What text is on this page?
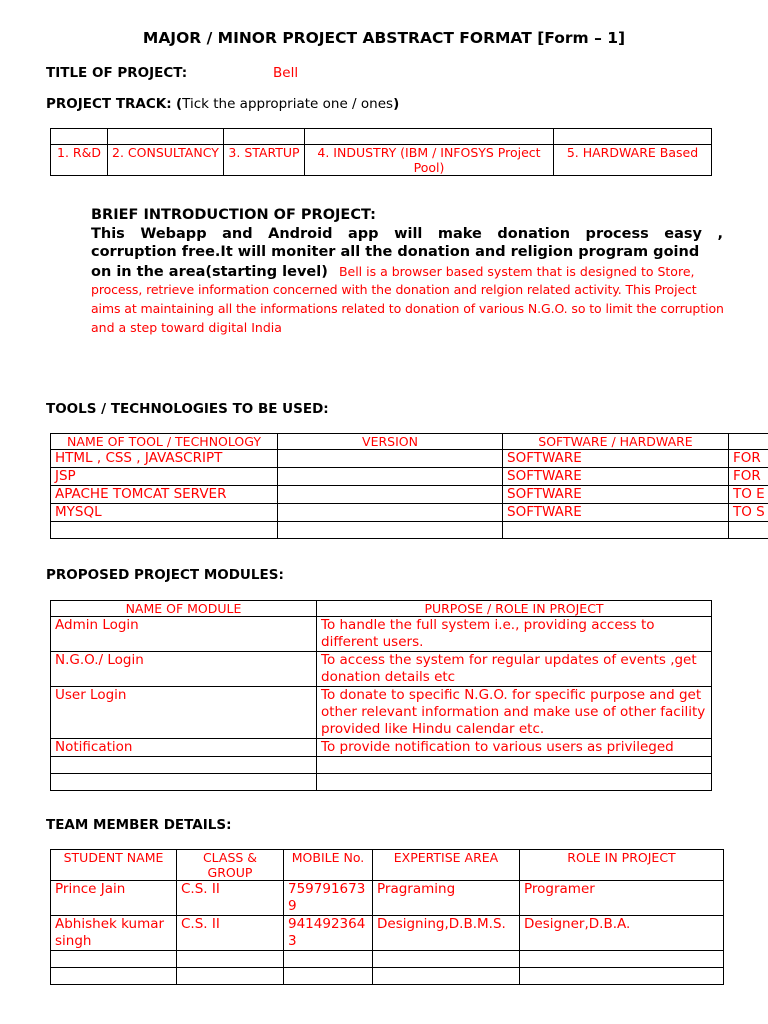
MAJOR / MINOR PROJECT ABSTRACT FORMAT [Form – 1]
TITLE OF PROJECT:	Bell
PROJECT TRACK: (Tick the appropriate one / ones)

1. R&D	2. CONSULTANCY	3. STARTUP	4. INDUSTRY (IBM / INFOSYS Project Pool)	5. HARDWARE Based
BRIEF INTRODUCTION OF PROJECT:
This Webapp and Android app will make donation process easy ,
corruption free.It will moniter all the donation and religion program goind
on in the area(starting level) Bell is a browser based system that is designed to Store,
process, retrieve information concerned with the donation and relgion related activity. This Project
aims at maintaining all the informations related to donation of various N.G.O. so to limit the corruption
and a step toward digital India
TOOLS / TECHNOLOGIES TO BE USED:
NAME OF TOOL / TECHNOLOGY	VERSION	SOFTWARE / HARDWARE	
HTML , CSS , JAVASCRIPT		SOFTWARE	FOR
JSP		SOFTWARE	FOR
APACHE TOMCAT SERVER		SOFTWARE	TO E
MYSQL		SOFTWARE	TO S

PROPOSED PROJECT MODULES:
NAME OF MODULE	PURPOSE / ROLE IN PROJECT
Admin Login	To handle the full system i.e., providing access to different users.
N.G.O./ Login	To access the system for regular updates of events ,get donation details etc
User Login	To donate to specific N.G.O. for specific purpose and get other relevant information and make use of other facility provided like Hindu calendar etc.
Notification	To provide notification to various users as privileged

TEAM MEMBER DETAILS:
STUDENT NAME	CLASS & GROUP	MOBILE No.	EXPERTISE AREA	ROLE IN PROJECT
Prince Jain	C.S. II	7597916739	Pragraming	Programer
Abhishek kumar singh	C.S. II	9414923643	Designing,D.B.M.S.	Designer,D.B.A.
